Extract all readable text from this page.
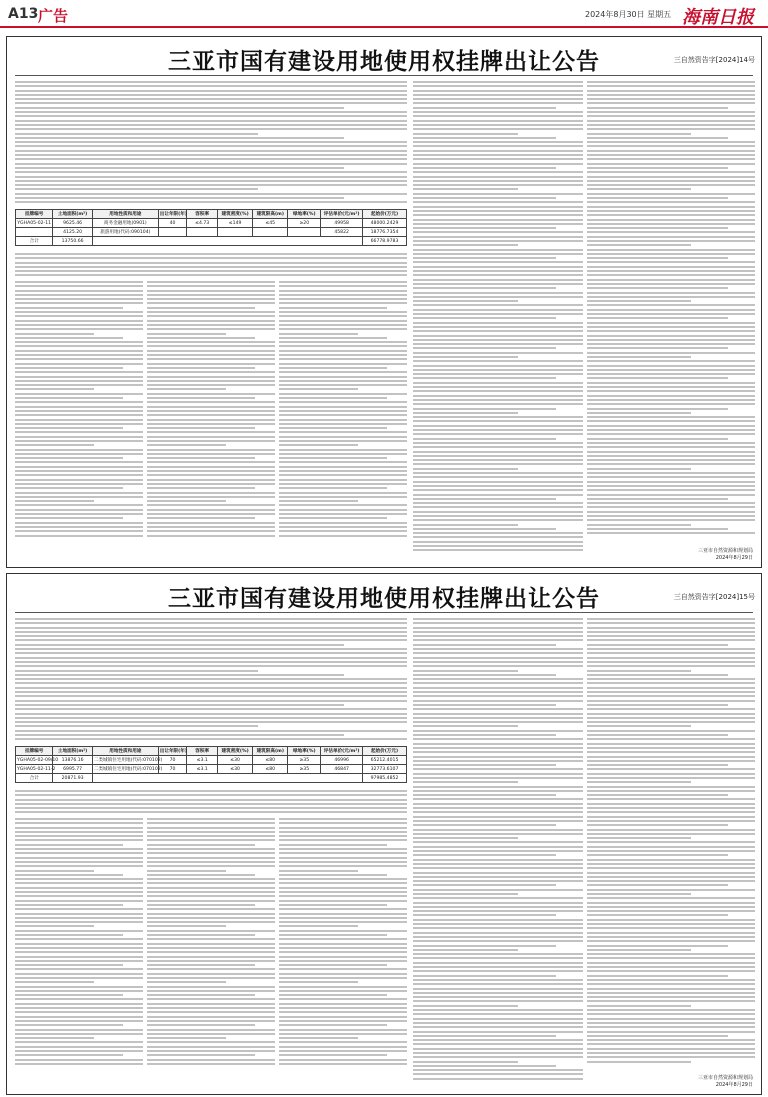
A13 广告	2024年8月30日 星期五 海南日报
三亚市国有建设用地使用权挂牌出让公告	三自然资告字[2024]14号
挂牌编号	土地面积(m²)	用地性质和用途	出让年限(年)	容积率	建筑密度(%)	建筑限高(m)	绿地率(%)	评估单价(元/m²)	起始价(万元)
YGHA05-02-11	9625.46	商务金融用地(0901)	40	≤4.73	≤149	≤45	≥20	49958	48000.2429
	4125.20	旅游用地(代码:090104)						45822	18776.7354
合计	13750.66								66778.9783
三亚市自然资源和规划局
2024年8月29日
三亚市国有建设用地使用权挂牌出让公告	三自然资告字[2024]15号
挂牌编号	土地面积(m²)	用地性质和用途	出让年限(年)	容积率	建筑密度(%)	建筑限高(m)	绿地率(%)	评估单价(元/m²)	起始价(万元)
YGHA05-02-09/10	13876.16	二类城镇住宅用地(代码:070102)	70	≤3.1	≤30	≤80	≥35	46996	65212.4015
YGHA05-02-11-2	6995.77	二类城镇住宅用地(代码:070102)	70	≤3.1	≤30	≤80	≥35	46847	32773.6107
合计	20871.93								97985.4852
三亚市自然资源和规划局
2024年8月29日
